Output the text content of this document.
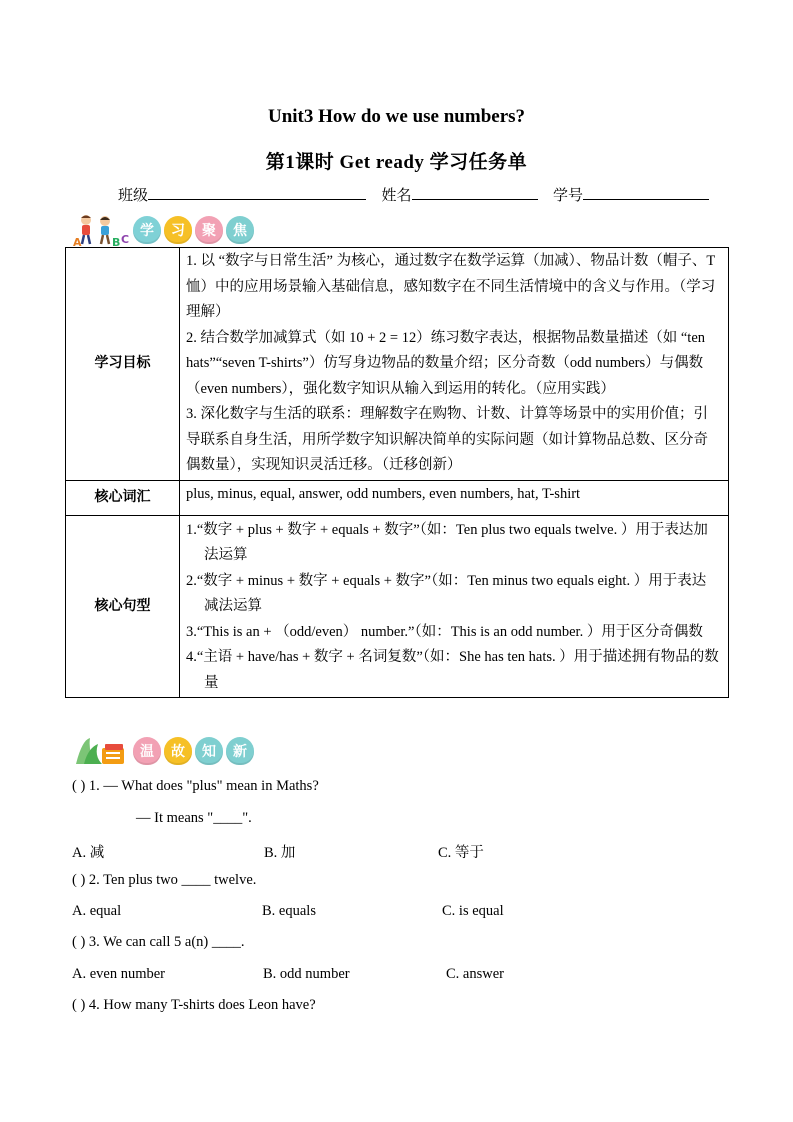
Unit3 How do we use numbers?
第1课时 Get ready 学习任务单
班级	姓名	学号
A	B C
学	习	聚	焦
学习目标	1. 以 “数字与日常生活” 为核心，通过数字在数学运算（加减）、物品计数（帽子、T 恤）中的应用场景输入基础信息，感知数字在不同生活情境中的含义与作用。（学习理解）

2. 结合数学加减算式（如 10 + 2 = 12）练习数字表达，根据物品数量描述（如 “ten hats”“seven T-shirts”）仿写身边物品的数量介绍；区分奇数（odd numbers）与偶数（even numbers），强化数字知识从输入到运用的转化。（应用实践）

3. 深化数字与生活的联系：理解数字在购物、计数、计算等场景中的实用价值；引导联系自身生活，用所学数字知识解决简单的实际问题（如计算物品总数、区分奇偶数量），实现知识灵活迁移。（迁移创新）

核心词汇	plus, minus, equal, answer, odd numbers, even numbers, hat, T-shirt
核心句型	1.“数字 + plus + 数字 + equals + 数字”（如：Ten plus two equals twelve. ）用于表达加法运算

2.“数字 + minus + 数字 + equals + 数字”（如：Ten minus two equals eight. ）用于表达减法运算

3.“This is an + （odd/even） number.”（如：This is an odd number. ）用于区分奇偶数

4.“主语 + have/has + 数字 + 名词复数”（如：She has ten hats. ）用于描述拥有物品的数量

温	故	知	新
( ) 1. — What does "plus" mean in Maths?
— It means "____".
A. 减	B. 加	C. 等于
( ) 2. Ten plus two ____ twelve.
A. equal	B. equals	C. is equal
( ) 3. We can call 5 a(n) ____.
A. even number	B. odd number	C. answer
( ) 4. How many T-shirts does Leon have?
